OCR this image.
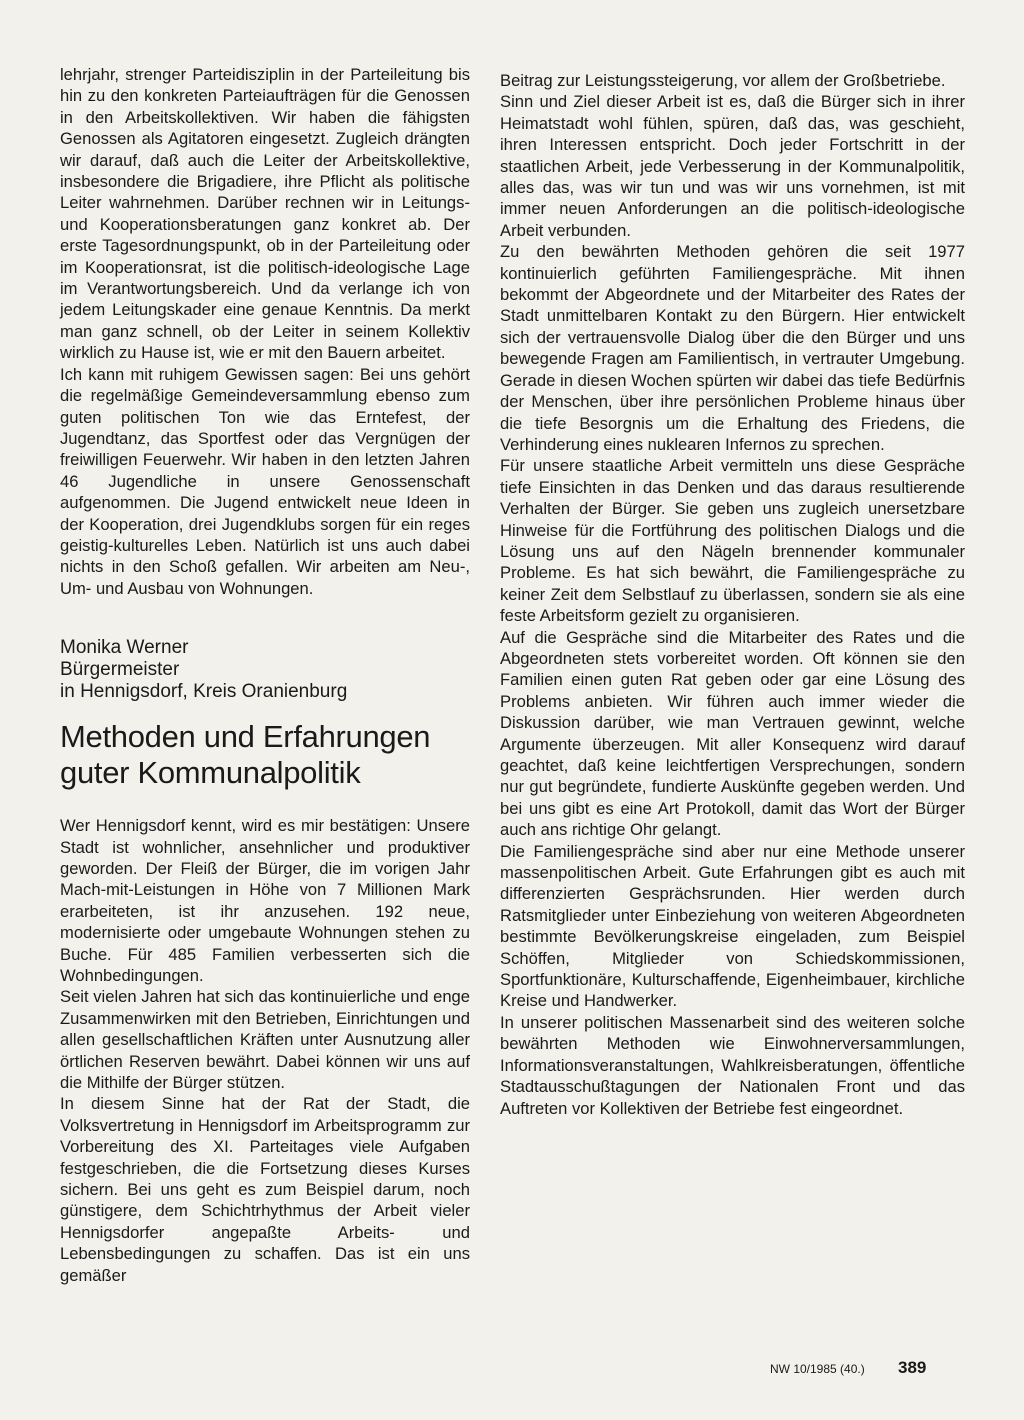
lehrjahr, strenger Parteidisziplin in der Parteileitung bis hin zu den konkreten Parteiaufträgen für die Genossen in den Arbeitskollektiven. Wir haben die fähigsten Genossen als Agitatoren eingesetzt. Zugleich drängten wir darauf, daß auch die Leiter der Arbeitskollektive, insbesondere die Brigadiere, ihre Pflicht als politische Leiter wahrnehmen. Darüber rechnen wir in Leitungs- und Kooperationsberatungen ganz konkret ab. Der erste Tagesordnungspunkt, ob in der Parteileitung oder im Kooperationsrat, ist die politisch-ideologische Lage im Verantwortungsbereich. Und da verlange ich von jedem Leitungskader eine genaue Kenntnis. Da merkt man ganz schnell, ob der Leiter in seinem Kollektiv wirklich zu Hause ist, wie er mit den Bauern arbeitet.

Ich kann mit ruhigem Gewissen sagen: Bei uns gehört die regelmäßige Gemeindeversammlung ebenso zum guten politischen Ton wie das Erntefest, der Jugendtanz, das Sportfest oder das Vergnügen der freiwilligen Feuerwehr. Wir haben in den letzten Jahren 46 Jugendliche in unsere Genossenschaft aufgenommen. Die Jugend entwickelt neue Ideen in der Kooperation, drei Jugendklubs sorgen für ein reges geistig-kulturelles Leben. Natürlich ist uns auch dabei nichts in den Schoß gefallen. Wir arbeiten am Neu-, Um- und Ausbau von Wohnungen.

Monika Werner
Bürgermeister
in Hennigsdorf, Kreis Oranienburg
Methoden und Erfahrungen
guter Kommunalpolitik

Wer Hennigsdorf kennt, wird es mir bestätigen: Unsere Stadt ist wohnlicher, ansehnlicher und produktiver geworden. Der Fleiß der Bürger, die im vorigen Jahr Mach-mit-Leistungen in Höhe von 7 Millionen Mark erarbeiteten, ist ihr anzusehen. 192 neue, modernisierte oder umgebaute Wohnungen stehen zu Buche. Für 485 Familien verbesserten sich die Wohnbedingungen.

Seit vielen Jahren hat sich das kontinuierliche und enge Zusammenwirken mit den Betrieben, Einrichtungen und allen gesellschaftlichen Kräften unter Ausnutzung aller örtlichen Reserven bewährt. Dabei können wir uns auf die Mithilfe der Bürger stützen.

In diesem Sinne hat der Rat der Stadt, die Volksvertretung in Hennigsdorf im Arbeitsprogramm zur Vorbereitung des XI. Parteitages viele Aufgaben festgeschrieben, die die Fortsetzung dieses Kurses sichern. Bei uns geht es zum Beispiel darum, noch günstigere, dem Schichtrhythmus der Arbeit vieler Hennigsdorfer angepaßte Arbeits- und Lebensbedingungen zu schaffen. Das ist ein uns gemäßer

Beitrag zur Leistungssteigerung, vor allem der Großbetriebe.

Sinn und Ziel dieser Arbeit ist es, daß die Bürger sich in ihrer Heimatstadt wohl fühlen, spüren, daß das, was geschieht, ihren Interessen entspricht. Doch jeder Fortschritt in der staatlichen Arbeit, jede Verbesserung in der Kommunalpolitik, alles das, was wir tun und was wir uns vornehmen, ist mit immer neuen Anforderungen an die politisch-ideologische Arbeit verbunden.

Zu den bewährten Methoden gehören die seit 1977 kontinuierlich geführten Familiengespräche. Mit ihnen bekommt der Abgeordnete und der Mitarbeiter des Rates der Stadt unmittelbaren Kontakt zu den Bürgern. Hier entwickelt sich der vertrauensvolle Dialog über die den Bürger und uns bewegende Fragen am Familientisch, in vertrauter Umgebung. Gerade in diesen Wochen spürten wir dabei das tiefe Bedürfnis der Menschen, über ihre persönlichen Probleme hinaus über die tiefe Besorgnis um die Erhaltung des Friedens, die Verhinderung eines nuklearen Infernos zu sprechen.

Für unsere staatliche Arbeit vermitteln uns diese Gespräche tiefe Einsichten in das Denken und das daraus resultierende Verhalten der Bürger. Sie geben uns zugleich unersetzbare Hinweise für die Fortführung des politischen Dialogs und die Lösung uns auf den Nägeln brennender kommunaler Probleme. Es hat sich bewährt, die Familiengespräche zu keiner Zeit dem Selbstlauf zu überlassen, sondern sie als eine feste Arbeitsform gezielt zu organisieren.

Auf die Gespräche sind die Mitarbeiter des Rates und die Abgeordneten stets vorbereitet worden. Oft können sie den Familien einen guten Rat geben oder gar eine Lösung des Problems anbieten. Wir führen auch immer wieder die Diskussion darüber, wie man Vertrauen gewinnt, welche Argumente überzeugen. Mit aller Konsequenz wird darauf geachtet, daß keine leichtfertigen Versprechungen, sondern nur gut begründete, fundierte Auskünfte gegeben werden. Und bei uns gibt es eine Art Protokoll, damit das Wort der Bürger auch ans richtige Ohr gelangt.

Die Familiengespräche sind aber nur eine Methode unserer massenpolitischen Arbeit. Gute Erfahrungen gibt es auch mit differenzierten Gesprächsrunden. Hier werden durch Ratsmitglieder unter Einbeziehung von weiteren Abgeordneten bestimmte Bevölkerungskreise eingeladen, zum Beispiel Schöffen, Mitglieder von Schiedskommissionen, Sportfunktionäre, Kulturschaffende, Eigenheimbauer, kirchliche Kreise und Handwerker.

In unserer politischen Massenarbeit sind des weiteren solche bewährten Methoden wie Einwohnerversammlungen, Informationsveranstaltungen, Wahlkreisberatungen, öffentliche Stadtausschußtagungen der Nationalen Front und das Auftreten vor Kollektiven der Betriebe fest eingeordnet.

NW 10/1985 (40.) 389
